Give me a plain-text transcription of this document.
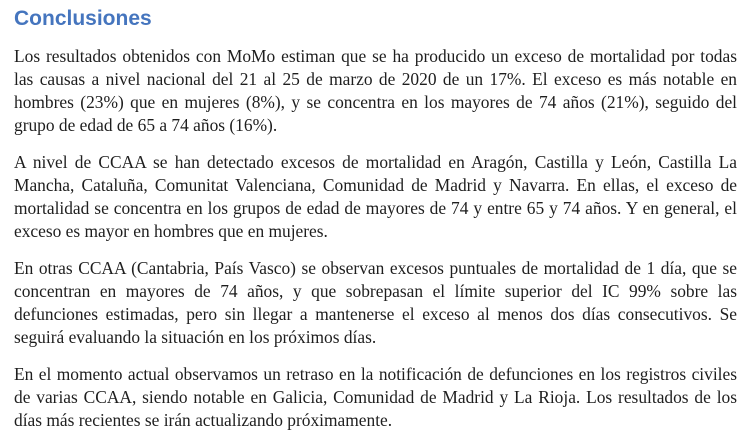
Conclusiones

Los resultados obtenidos con MoMo estiman que se ha producido un exceso de mortalidad por todas las causas a nivel nacional del 21 al 25 de marzo de 2020 de un 17%. El exceso es más notable en hombres (23%) que en mujeres (8%), y se concentra en los mayores de 74 años (21%), seguido del grupo de edad de 65 a 74 años (16%).

A nivel de CCAA se han detectado excesos de mortalidad en Aragón, Castilla y León, Castilla La Mancha, Cataluña, Comunitat Valenciana, Comunidad de Madrid y Navarra. En ellas, el exceso de mortalidad se concentra en los grupos de edad de mayores de 74 y entre 65 y 74 años. Y en general, el exceso es mayor en hombres que en mujeres.

En otras CCAA (Cantabria, País Vasco) se observan excesos puntuales de mortalidad de 1 día, que se concentran en mayores de 74 años, y que sobrepasan el límite superior del IC 99% sobre las defunciones estimadas, pero sin llegar a mantenerse el exceso al menos dos días consecutivos. Se seguirá evaluando la situación en los próximos días.

En el momento actual observamos un retraso en la notificación de defunciones en los registros civiles de varias CCAA, siendo notable en Galicia, Comunidad de Madrid y La Rioja. Los resultados de los días más recientes se irán actualizando próximamente.
